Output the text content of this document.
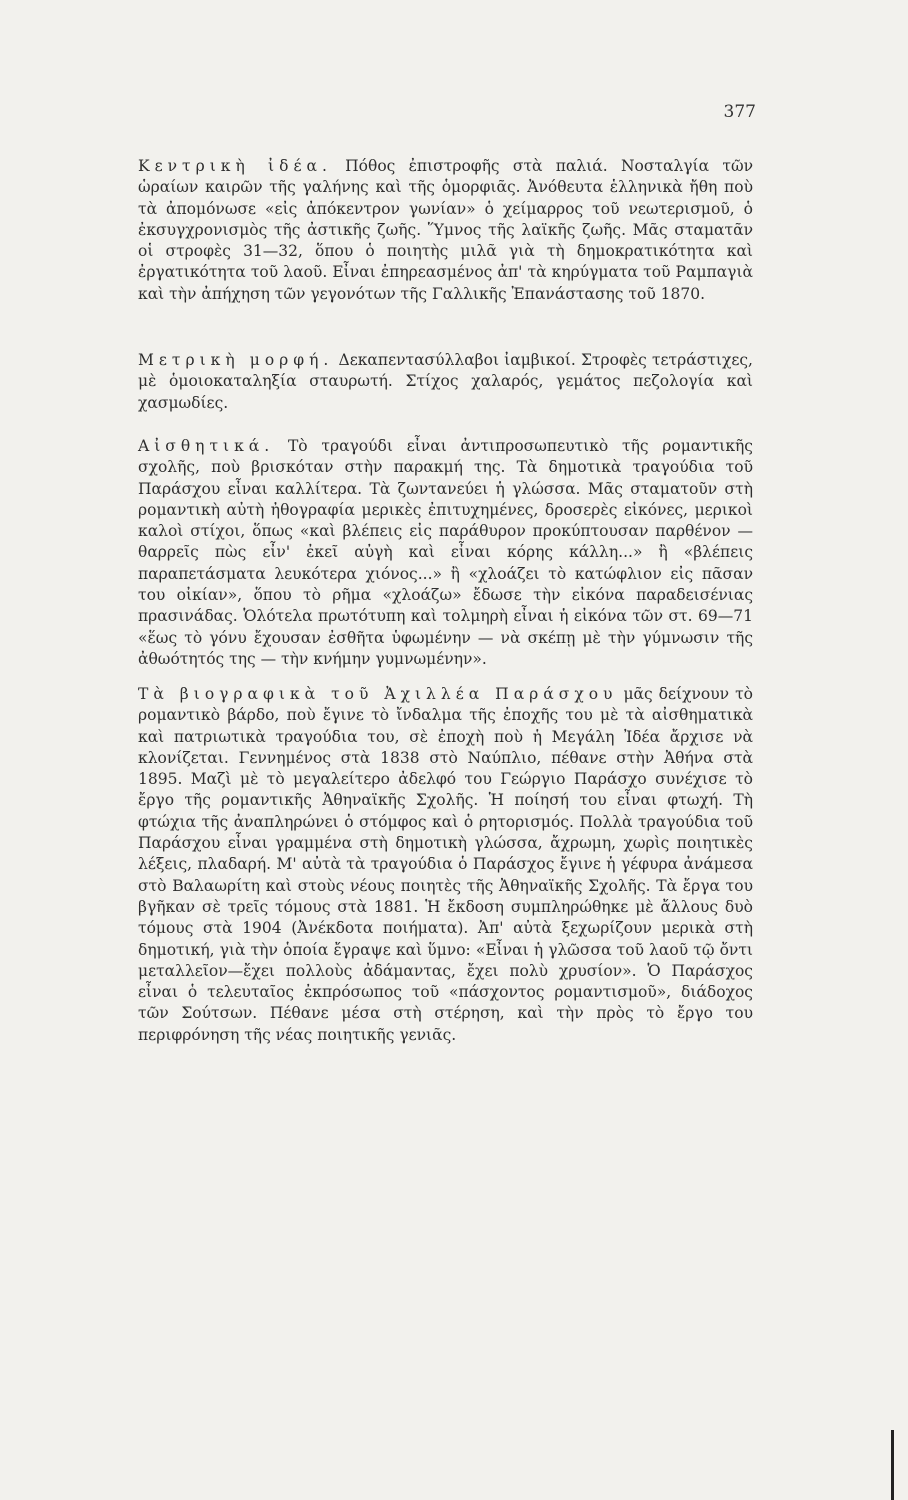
377

Κεντρικὴ ἰδέα. Πόθος ἐπιστροφῆς στὰ παλιά. Νοσταλγία τῶν ὡραίων καιρῶν τῆς γαλήνης καὶ τῆς ὁμορφιᾶς. Ἀνόθευτα ἑλληνικὰ ἤθη ποὺ τὰ ἀπομόνωσε «εἰς ἀπόκεντρον γωνίαν» ὁ χείμαρρος τοῦ νεωτερισμοῦ, ὁ ἐκσυγχρονισμὸς τῆς ἀστικῆς ζωῆς. Ὕμνος τῆς λαϊκῆς ζωῆς. Μᾶς σταματᾶν οἱ στροφὲς 31—32, ὅπου ὁ ποιητὴς μιλᾶ γιὰ τὴ δημοκρατικότητα καὶ ἐργατικότητα τοῦ λαοῦ. Εἶναι ἐπηρεασμένος ἀπ' τὰ κηρύγματα τοῦ Ραμπαγιὰ καὶ τὴν ἀπήχηση τῶν γεγονότων τῆς Γαλλικῆς Ἐπανάστασης τοῦ 1870.

Μετρικὴ μορφή. Δεκαπεντασύλλαβοι ἰαμβικοί. Στροφὲς τετράστιχες, μὲ ὁμοιοκαταληξία σταυρωτή. Στίχος χαλαρός, γεμάτος πεζολογία καὶ χασμωδίες.

Αἰσθητικά. Τὸ τραγούδι εἶναι ἀντιπροσωπευτικὸ τῆς ρομαντικῆς σχολῆς, ποὺ βρισκόταν στὴν παρακμή της. Τὰ δημοτικὰ τραγούδια τοῦ Παράσχου εἶναι καλλίτερα. Τὰ ζωντανεύει ἡ γλώσσα. Μᾶς σταματοῦν στὴ ρομαντικὴ αὐτὴ ἠθογραφία μερικὲς ἐπιτυχημένες, δροσερὲς εἰκόνες, μερικοὶ καλοὶ στίχοι, ὅπως «καὶ βλέπεις εἰς παράθυρον προκύπτουσαν παρθένον — θαρρεῖς πὼς εἶν' ἐκεῖ αὐγὴ καὶ εἶναι κόρης κάλλη...» ἢ «βλέπεις παραπετάσματα λευκότερα χιόνος...» ἢ «χλοάζει τὸ κατώφλιον εἰς πᾶσαν του οἰκίαν», ὅπου τὸ ρῆμα «χλοάζω» ἔδωσε τὴν εἰκόνα παραδεισένιας πρασινάδας. Ὁλότελα πρωτότυπη καὶ τολμηρὴ εἶναι ἡ εἰκόνα τῶν στ. 69—71 «ἕως τὸ γόνυ ἔχουσαν ἐσθῆτα ὑφωμένην — νὰ σκέπῃ μὲ τὴν γύμνωσιν τῆς ἀθωότητός της — τὴν κνήμην γυμνωμένην».

Τὰ βιογραφικὰ τοῦ Ἀχιλλέα Παράσχου μᾶς δείχνουν τὸ ρομαντικὸ βάρδο, ποὺ ἔγινε τὸ ἴνδαλμα τῆς ἐποχῆς του μὲ τὰ αἰσθηματικὰ καὶ πατριωτικὰ τραγούδια του, σὲ ἐποχὴ ποὺ ἡ Μεγάλη Ἰδέα ἄρχισε νὰ κλονίζεται. Γεννημένος στὰ 1838 στὸ Ναύπλιο, πέθανε στὴν Ἀθήνα στὰ 1895. Μαζὶ μὲ τὸ μεγαλείτερο ἀδελφό του Γεώργιο Παράσχο συνέχισε τὸ ἔργο τῆς ρομαντικῆς Ἀθηναϊκῆς Σχολῆς. Ἡ ποίησή του εἶναι φτωχή. Τὴ φτώχια τῆς ἀναπληρώνει ὁ στόμφος καὶ ὁ ρητορισμός. Πολλὰ τραγούδια τοῦ Παράσχου εἶναι γραμμένα στὴ δημοτικὴ γλώσσα, ἄχρωμη, χωρὶς ποιητικὲς λέξεις, πλαδαρή. Μ' αὐτὰ τὰ τραγούδια ὁ Παράσχος ἔγινε ἡ γέφυρα ἀνάμεσα στὸ Βαλαωρίτη καὶ στοὺς νέους ποιητὲς τῆς Ἀθηναϊκῆς Σχολῆς. Τὰ ἔργα του βγῆκαν σὲ τρεῖς τόμους στὰ 1881. Ἡ ἔκδοση συμπληρώθηκε μὲ ἄλλους δυὸ τόμους στὰ 1904 (Ἀνέκδοτα ποιήματα). Ἀπ' αὐτὰ ξεχωρίζουν μερικὰ στὴ δημοτική, γιὰ τὴν ὁποία ἔγραψε καὶ ὕμνο: «Εἶναι ἡ γλῶσσα τοῦ λαοῦ τῷ ὄντι μεταλλεῖον—ἔχει πολλοὺς ἀδάμαντας, ἔχει πολὺ χρυσίον». Ὁ Παράσχος εἶναι ὁ τελευταῖος ἐκπρόσωπος τοῦ «πάσχοντος ρομαντισμοῦ», διάδοχος τῶν Σούτσων. Πέθανε μέσα στὴ στέρηση, καὶ τὴν πρὸς τὸ ἔργο του περιφρόνηση τῆς νέας ποιητικῆς γενιᾶς.
